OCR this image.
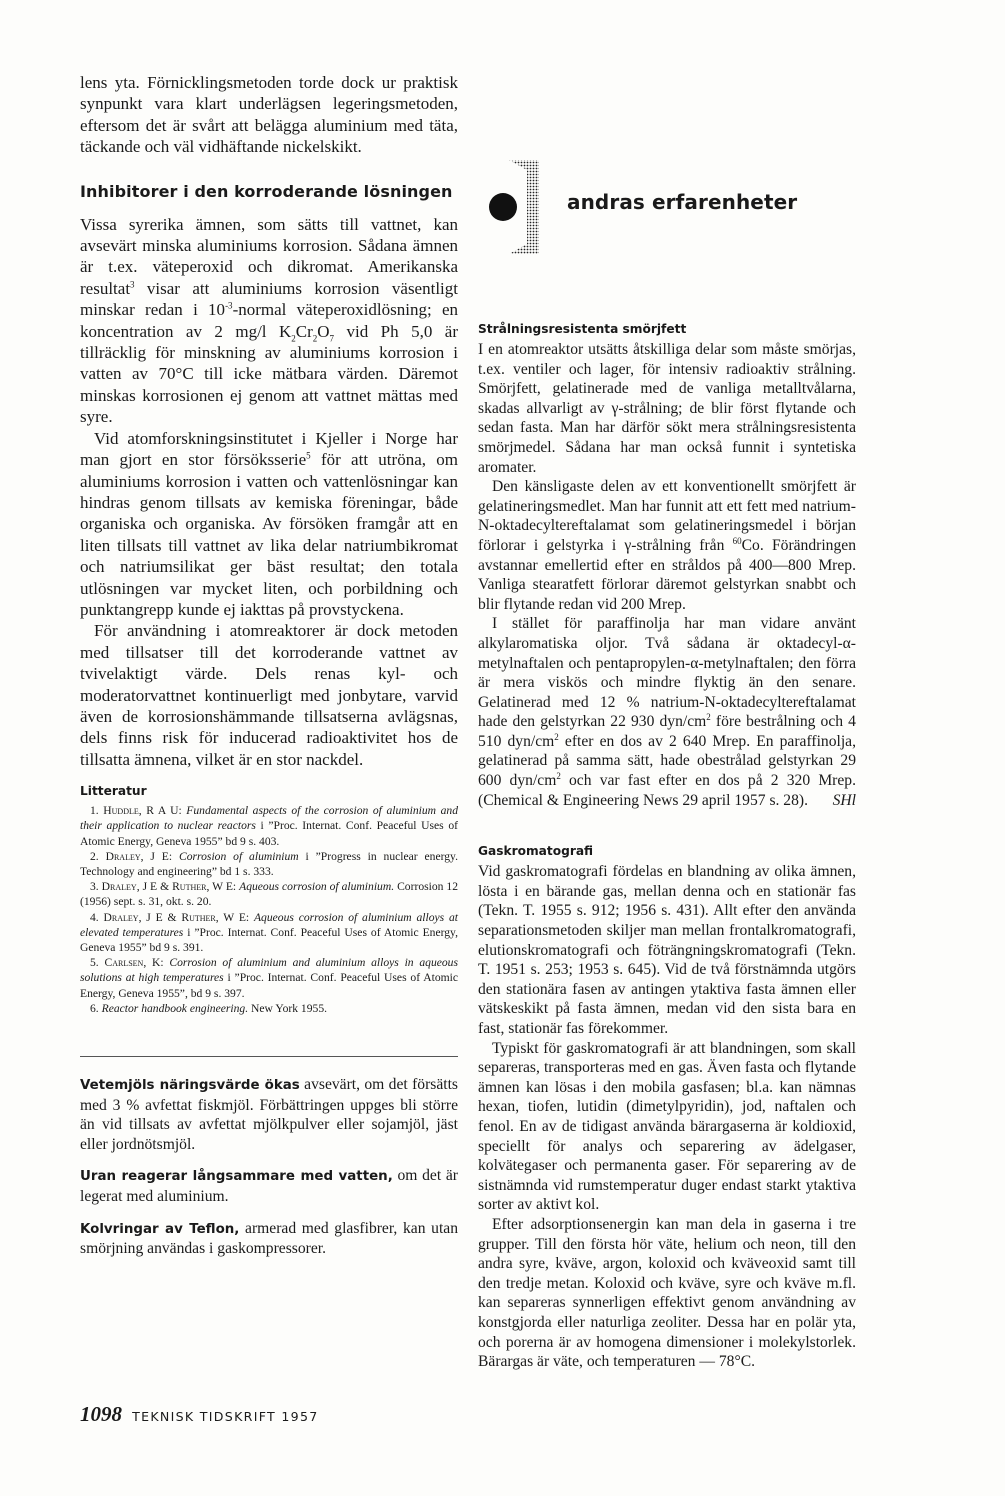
lens yta. Förnicklingsmetoden torde dock ur praktisk synpunkt vara klart underlägsen legeringsmetoden, eftersom det är svårt att belägga aluminium med täta, täckande och väl vidhäftande nickelskikt.

Inhibitorer i den korroderande lösningen

Vissa syrerika ämnen, som sätts till vattnet, kan avsevärt minska aluminiums korrosion. Sådana ämnen är t.ex. väteperoxid och dikromat. Amerikanska resultat$^3$ visar att aluminiums korrosion väsentligt minskar redan i $10^{-3}$-normal väteperoxidlösning; en koncentration av 2 mg/l $K_2Cr_2O_7$ vid Ph 5,0 är tillräcklig för minskning av aluminiums korrosion i vatten av 70°C till icke mätbara värden. Däremot minskas korrosionen ej genom att vattnet mättas med syre.

Vid atomforskningsinstitutet i Kjeller i Norge har man gjort en stor försöksserie$^5$ för att utröna, om aluminiums korrosion i vatten och vattenlösningar kan hindras genom tillsats av kemiska föreningar, både organiska och organiska. Av försöken framgår att en liten tillsats till vattnet av lika delar natriumbikromat och natriumsilikat ger bäst resultat; den totala utlösningen var mycket liten, och porbildning och punktangrepp kunde ej iakttas på provstyckena.

För användning i atomreaktorer är dock metoden med tillsatser till det korroderande vattnet av tvivelaktigt värde. Dels renas kyl- och moderatorvattnet kontinuerligt med jonbytare, varvid även de korrosionshämmande tillsatserna avlägsnas, dels finns risk för inducerad radioaktivitet hos de tillsatta ämnena, vilket är en stor nackdel.

Litteratur

1. Huddle, R A U: Fundamental aspects of the corrosion of aluminium and their application to nuclear reactors i ”Proc. Internat. Conf. Peaceful Uses of Atomic Energy, Geneva 1955” bd 9 s. 403.

2. Draley, J E: Corrosion of aluminium i ”Progress in nuclear energy. Technology and engineering” bd 1 s. 333.

3. Draley, J E & Ruther, W E: Aqueous corrosion of aluminium. Corrosion 12 (1956) sept. s. 31, okt. s. 20.

4. Draley, J E & Ruther, W E: Aqueous corrosion of aluminium alloys at elevated temperatures i ”Proc. Internat. Conf. Peaceful Uses of Atomic Energy, Geneva 1955” bd 9 s. 391.

5. Carlsen, K: Corrosion of aluminium and aluminium alloys in aqueous solutions at high temperatures i ”Proc. Internat. Conf. Peaceful Uses of Atomic Energy, Geneva 1955”, bd 9 s. 397.

6. Reactor handbook engineering. New York 1955.

Vetemjöls näringsvärde ökas avsevärt, om det försätts med 3 % avfettat fiskmjöl. Förbättringen uppges bli större än vid tillsats av avfettat mjölkpulver eller sojamjöl, jäst eller jordnötsmjöl.

Uran reagerar långsammare med vatten, om det är legerat med aluminium.

Kolvringar av Teflon, armerad med glasfibrer, kan utan smörjning användas i gaskompressorer.

andras erfarenheter
Strålningsresistenta smörjfett

I en atomreaktor utsätts åtskilliga delar som måste smörjas, t.ex. ventiler och lager, för intensiv radioaktiv strålning. Smörjfett, gelatinerade med de vanliga metalltvålarna, skadas allvarligt av γ-strålning; de blir först flytande och sedan fasta. Man har därför sökt mera strålningsresistenta smörjmedel. Sådana har man också funnit i syntetiska aromater.

Den känsligaste delen av ett konventionellt smörjfett är gelatineringsmedlet. Man har funnit att ett fett med natrium-N-oktadecyltereftalamat som gelatineringsmedel i början förlorar i gelstyrka i γ-strålning från $^{60}$Co. Förändringen avstannar emellertid efter en stråldos på 400—800 Mrep. Vanliga stearatfett förlorar däremot gelstyrkan snabbt och blir flytande redan vid 200 Mrep.

I stället för paraffinolja har man vidare använt alkylaromatiska oljor. Två sådana är oktadecyl-α-metylnaftalen och pentapropylen-α-metylnaftalen; den förra är mera viskös och mindre flyktig än den senare. Gelatinerad med 12 % natrium-N-oktadecyltereftalamat hade den gelstyrkan 22 930 dyn/$cm^2$ före bestrålning och 4 510 dyn/$cm^2$ efter en dos av 2 640 Mrep. En paraffinolja, gelatinerad på samma sätt, hade obestrålad gelstyrkan 29 600 dyn/$cm^2$ och var fast efter en dos på 2 320 Mrep. (Chemical & Engineering News 29 april 1957 s. 28).	SHl

Gaskromatografi

Vid gaskromatografi fördelas en blandning av olika ämnen, lösta i en bärande gas, mellan denna och en stationär fas (Tekn. T. 1955 s. 912; 1956 s. 431). Allt efter den använda separationsmetoden skiljer man mellan frontalkromatografi, elutionskromatografi och föträngningskromatografi (Tekn. T. 1951 s. 253; 1953 s. 645). Vid de två förstnämnda utgörs den stationära fasen av antingen ytaktiva fasta ämnen eller vätskeskikt på fasta ämnen, medan vid den sista bara en fast, stationär fas förekommer.

Typiskt för gaskromatografi är att blandningen, som skall separeras, transporteras med en gas. Även fasta och flytande ämnen kan lösas i den mobila gasfasen; bl.a. kan nämnas hexan, tiofen, lutidin (dimetylpyridin), jod, naftalen och fenol. En av de tidigast använda bärargaserna är koldioxid, speciellt för analys och separering av ädelgaser, kolvätegaser och permanenta gaser. För separering av de sistnämnda vid rumstemperatur duger endast starkt ytaktiva sorter av aktivt kol.

Efter adsorptionsenergin kan man dela in gaserna i tre grupper. Till den första hör väte, helium och neon, till den andra syre, kväve, argon, koloxid och kväveoxid samt till den tredje metan. Koloxid och kväve, syre och kväve m.fl. kan separeras synnerligen effektivt genom användning av konstgjorda eller naturliga zeoliter. Dessa har en polär yta, och porerna är av homogena dimensioner i molekylstorlek. Bärargas är väte, och temperaturen — 78°C.

1098 TEKNISK TIDSKRIFT 1957
